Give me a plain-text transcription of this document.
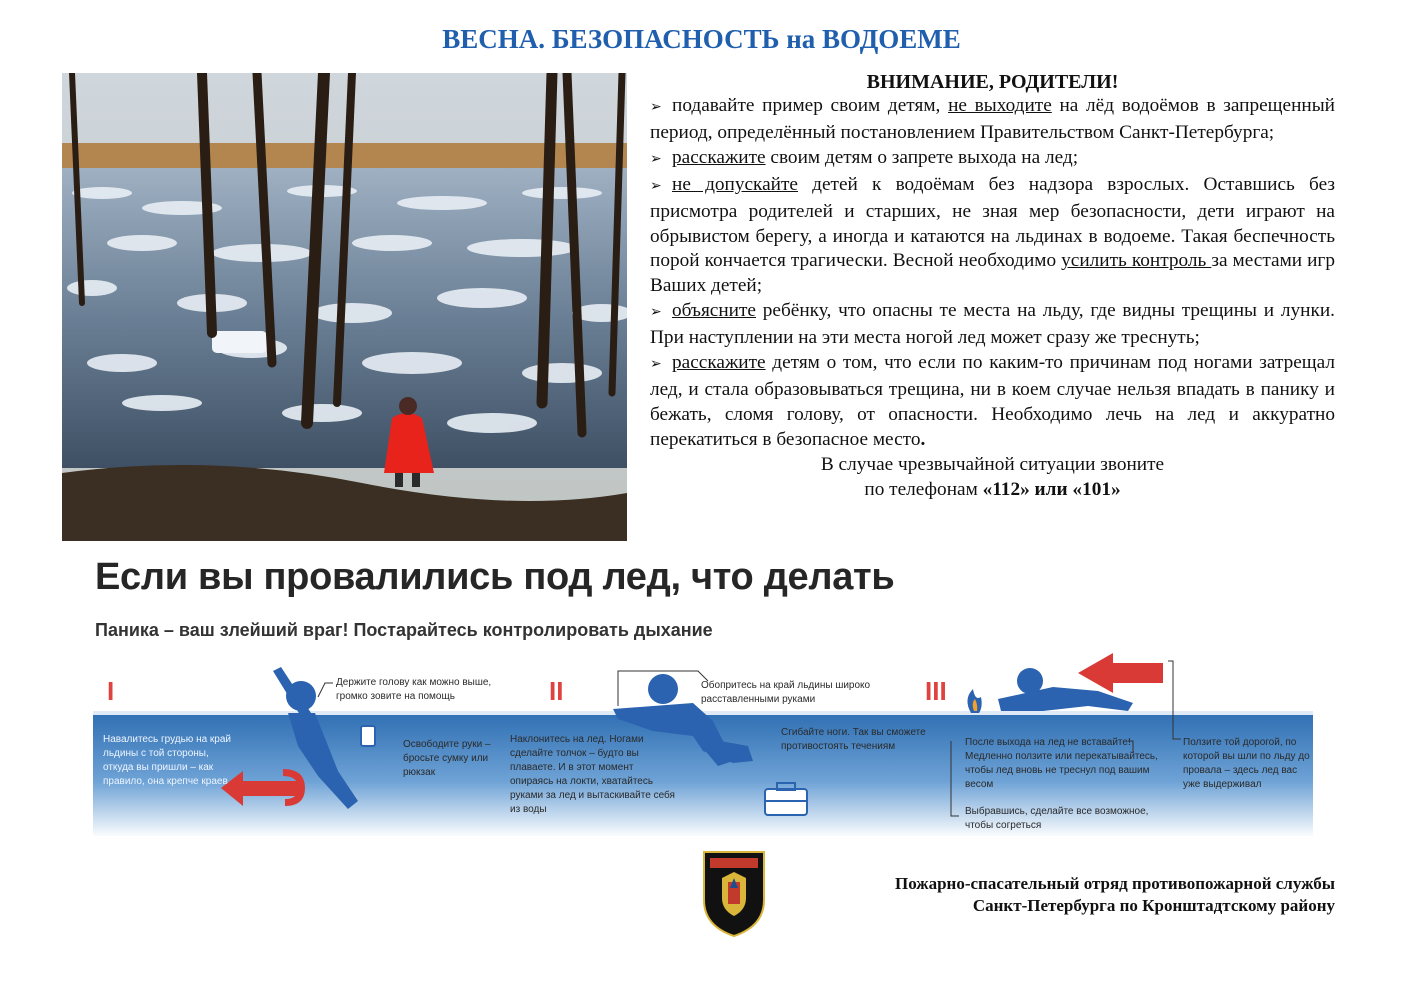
ВЕСНА. БЕЗОПАСНОСТЬ на ВОДОЕМЕ
ВНИМАНИЕ, РОДИТЕЛИ!

➢ подавайте пример своим детям, не выходите на лёд водоёмов в запрещенный период, определённый постановлением Правительством Санкт-Петербурга;

➢ расскажите своим детям о запрете выхода на лед;

➢ не допускайте детей к водоёмам без надзора взрослых. Оставшись без присмотра родителей и старших, не зная мер безопасности, дети играют на обрывистом берегу, а иногда и катаются на льдинах в водоеме. Такая беспечность порой кончается трагически. Весной необходимо усилить контроль за местами игр Ваших детей;

➢ объясните ребёнку, что опасны те места на льду, где видны трещины и лунки. При наступлении на эти места ногой лед может сразу же треснуть;

➢ расскажите детям о том, что если по каким-то причинам под ногами затрещал лед, и стала образовываться трещина, ни в коем случае нельзя впадать в панику и бежать, сломя голову, от опасности. Необходимо лечь на лед и аккуратно перекатиться в безопасное место.

В случае чрезвычайной ситуации звоните

по телефонам «112» или «101»

Если вы провалились под лед, что делать
Паника – ваш злейший враг! Постарайтесь контролировать дыхание
I	II	III
Держите голову как можно выше, громко зовите на помощь
Навалитесь грудью на край льдины с той стороны, откуда вы пришли – как правило, она крепче краев
Освободите руки – бросьте сумку или рюкзак
Обопритесь на край льдины широко расставленными руками
Наклонитесь на лед. Ногами сделайте толчок – будто вы плаваете. И в этот момент опираясь на локти, хватайтесь руками за лед и вытаскивайте себя из воды
Сгибайте ноги. Так вы сможете противостоять течениям	После выхода на лед не вставайте! Медленно ползите или перекатывайтесь, чтобы лед вновь не треснул под вашим весом
Выбравшись, сделайте все возможное, чтобы согреться
Ползите той дорогой, по которой вы шли по льду до провала – здесь лед вас уже выдерживал
Пожарно-спасательный отряд противопожарной службы
Санкт-Петербурга по Кронштадтскому району
